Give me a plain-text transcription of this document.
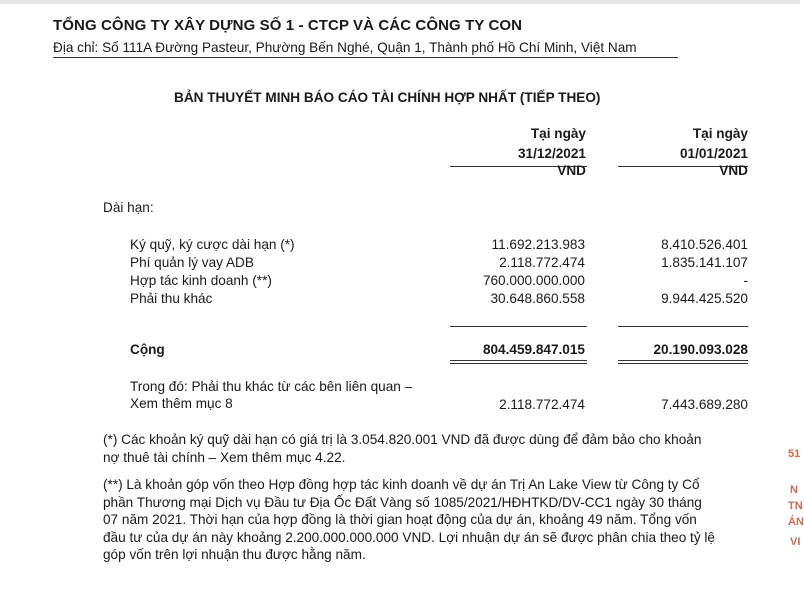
TỔNG CÔNG TY XÂY DỰNG SỐ 1 - CTCP VÀ CÁC CÔNG TY CON
Địa chỉ: Số 111A Đường Pasteur, Phường Bến Nghé, Quận 1, Thành phố Hồ Chí Minh, Việt Nam
BẢN THUYẾT MINH BÁO CÁO TÀI CHÍNH HỢP NHẤT (TIẾP THEO)
Tại ngày
31/12/2021
VND
Tại ngày
01/01/2021
VND
Dài hạn:
Ký quỹ, ký cược dài hạn (*)	11.692.213.983	8.410.526.401
Phí quản lý vay ADB	2.118.772.474	1.835.141.107
Hợp tác kinh doanh (**)	760.000.000.000	-
Phải thu khác	30.648.860.558	9.944.425.520
Cộng	804.459.847.015	20.190.093.028
Trong đó: Phải thu khác từ các bên liên quan –
Xem thêm mục 8	2.118.772.474	7.443.689.280
(*) Các khoản ký quỹ dài hạn có giá trị là 3.054.820.001 VND đã được dùng để đảm bảo cho khoản
nợ thuê tài chính – Xem thêm mục 4.22.
(**) Là khoản góp vốn theo Hợp đồng hợp tác kinh doanh về dự án Trị An Lake View từ Công ty Cổ
phần Thương mại Dịch vụ Đầu tư Địa Ốc Đất Vàng số 1085/2021/HĐHTKD/DV-CC1 ngày 30 tháng
07 năm 2021. Thời hạn của hợp đồng là thời gian hoạt động của dự án, khoảng 49 năm. Tổng vốn
đầu tư của dự án này khoảng 2.200.000.000.000 VND. Lợi nhuận dự án sẽ được phân chia theo tỷ lệ
góp vốn trên lợi nhuận thu được hằng năm.
51
N
TN
ÁN
VI
